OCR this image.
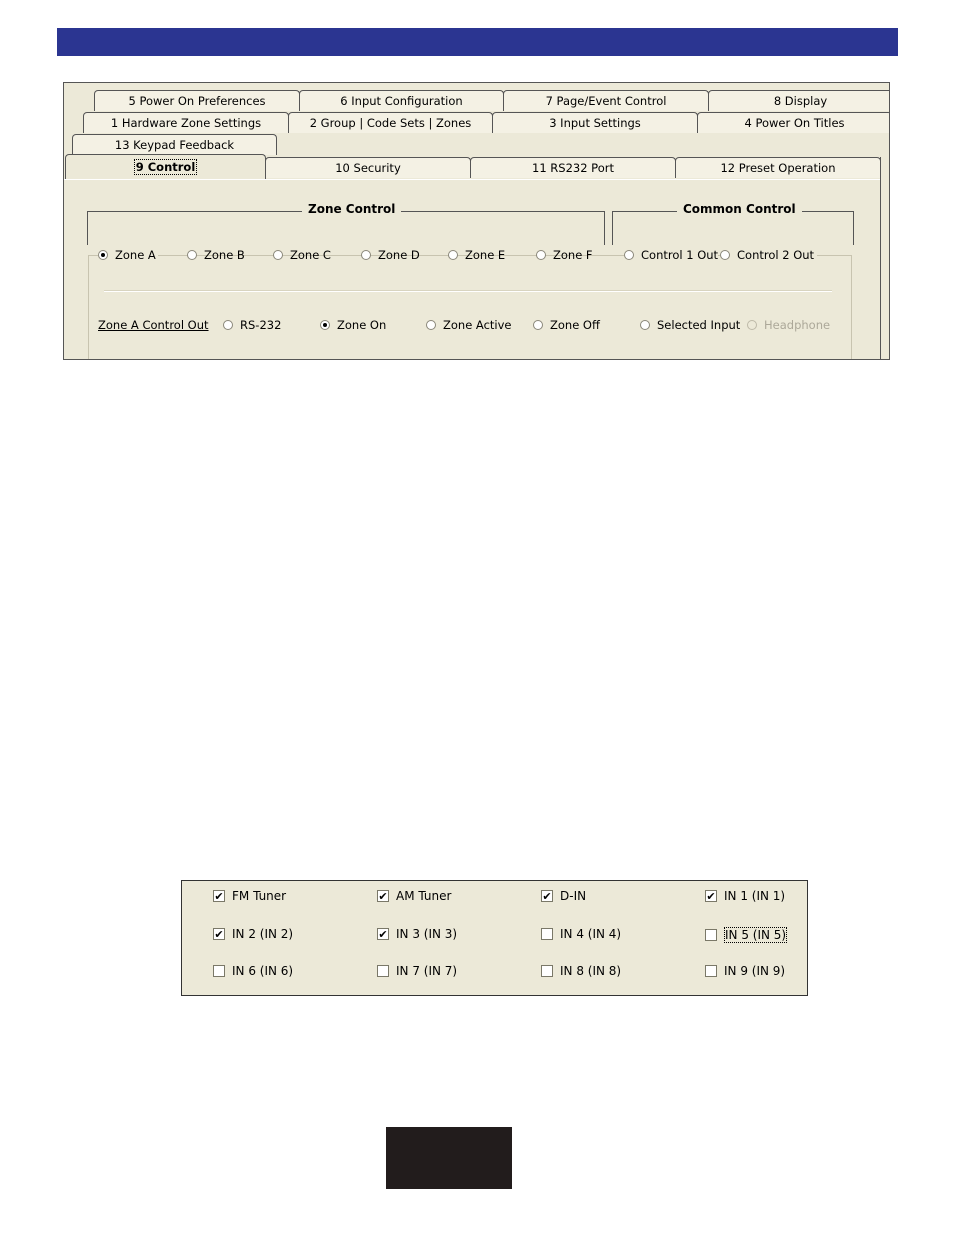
5 Power On Preferences	6 Input Configuration	7 Page/Event Control	8 Display
1 Hardware Zone Settings	2 Group | Code Sets | Zones	3 Input Settings	4 Power On Titles
13 Keypad Feedback
9 Control	10 Security	11 RS232 Port	12 Preset Operation
Zone Control	Common Control
Zone A	Zone B	Zone C	Zone D	Zone E	Zone F	Control 1 Out Control 2 Out
Zone A Control Out	RS-232	Zone On	Zone Active	Zone Off	Selected Input Headphone
✔ FM Tuner	✔ AM Tuner	✔ D-IN	✔ IN 1 (IN 1)
✔ IN 2 (IN 2)	✔ IN 3 (IN 3)	IN 4 (IN 4)	IN 5 (IN 5)
IN 6 (IN 6)	IN 7 (IN 7)	IN 8 (IN 8)	IN 9 (IN 9)
